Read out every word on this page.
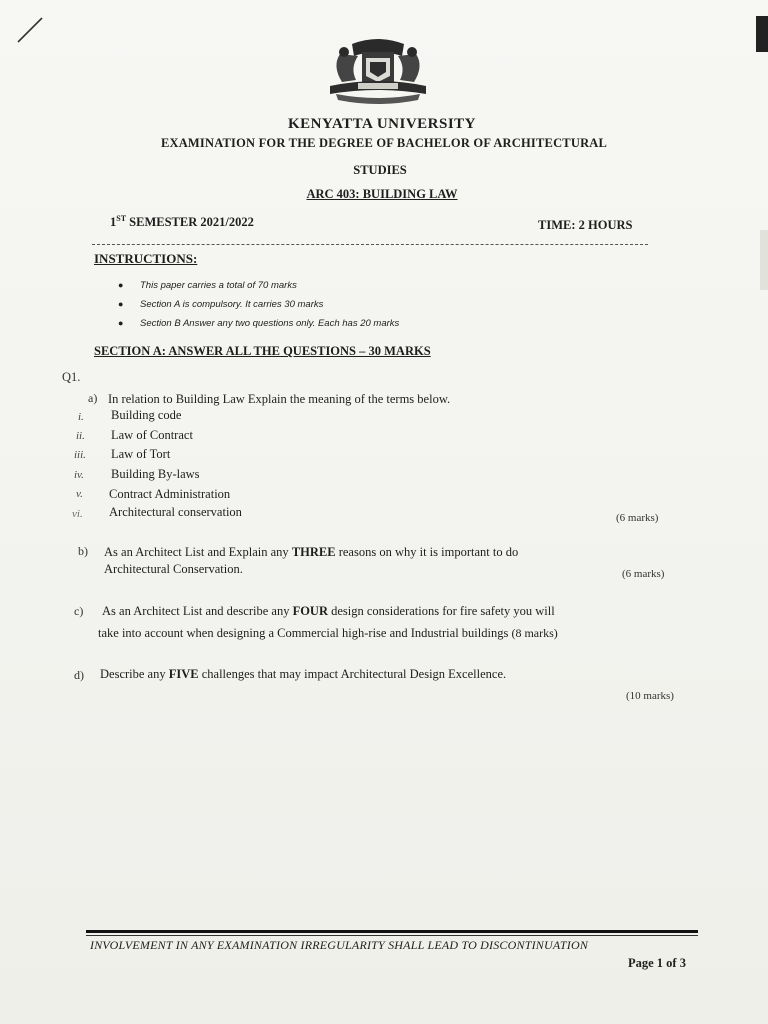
KENYATTA UNIVERSITY
EXAMINATION FOR THE DEGREE OF BACHELOR OF ARCHITECTURAL
STUDIES
ARC 403: BUILDING LAW
1ST SEMESTER 2021/2022	TIME: 2 HOURS
INSTRUCTIONS:
● This paper carries a total of 70 marks
● Section A is compulsory. It carries 30 marks
● Section B Answer any two questions only. Each has 20 marks
SECTION A: ANSWER ALL THE QUESTIONS – 30 MARKS
Q1.
a) In relation to Building Law Explain the meaning of the terms below.
i. Building code
ii. Law of Contract
iii. Law of Tort
iv. Building By-laws
v. Contract Administration
vi. Architectural conservation	(6 marks)
b) As an Architect List and Explain any THREE reasons on why it is important to do
Architectural Conservation.	(6 marks)
c) As an Architect List and describe any FOUR design considerations for fire safety you will
take into account when designing a Commercial high-rise and Industrial buildings (8 marks)
d) Describe any FIVE challenges that may impact Architectural Design Excellence.
(10 marks)
INVOLVEMENT IN ANY EXAMINATION IRREGULARITY SHALL LEAD TO DISCONTINUATION
Page 1 of 3
